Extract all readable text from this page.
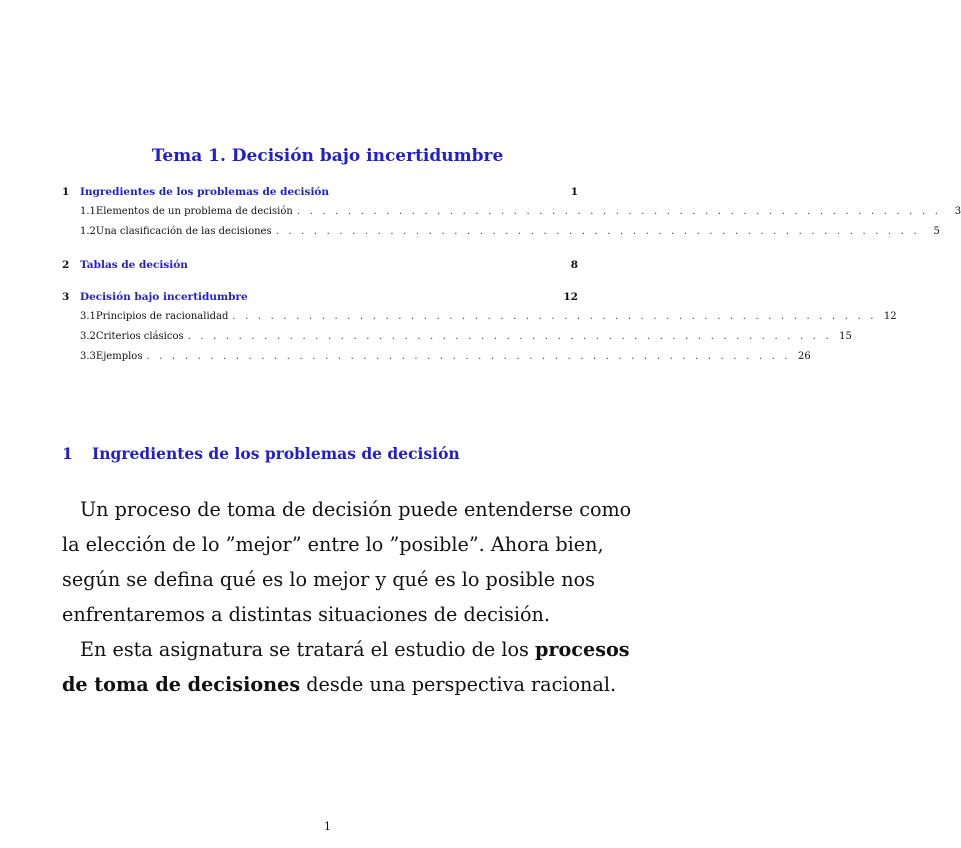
Tema 1. Decisión bajo incertidumbre
1	Ingredientes de los problemas de decisión	1
1.1 Elementos de un problema de decisión . . . . . . . . . . . . . . . . . . . . . . . . . . . . . . . . . . . . . . . . . . . . . . . . . . .	3
1.2 Una clasificación de las decisiones . . . . . . . . . . . . . . . . . . . . . . . . . . . . . . . . . . . . . . . . . . . . . . . . . . .	5
2	Tablas de decisión	8
3	Decisión bajo incertidumbre	12
3.1 Principios de racionalidad . . . . . . . . . . . . . . . . . . . . . . . . . . . . . . . . . . . . . . . . . . . . . . . . . . . 12
3.2 Criterios clásicos . . . . . . . . . . . . . . . . . . . . . . . . . . . . . . . . . . . . . . . . . . . . . . . . . . . 15
3.3 Ejemplos . . . . . . . . . . . . . . . . . . . . . . . . . . . . . . . . . . . . . . . . . . . . . . . . . . . 26
1 Ingredientes de los problemas de decisión
Un proceso de toma de decisión puede entenderse como
la elección de lo ”mejor” entre lo ”posible”. Ahora bien,
según se defina qué es lo mejor y qué es lo posible nos
enfrentaremos a distintas situaciones de decisión.
En esta asignatura se tratará el estudio de los procesos
de toma de decisiones desde una perspectiva racional.
1
